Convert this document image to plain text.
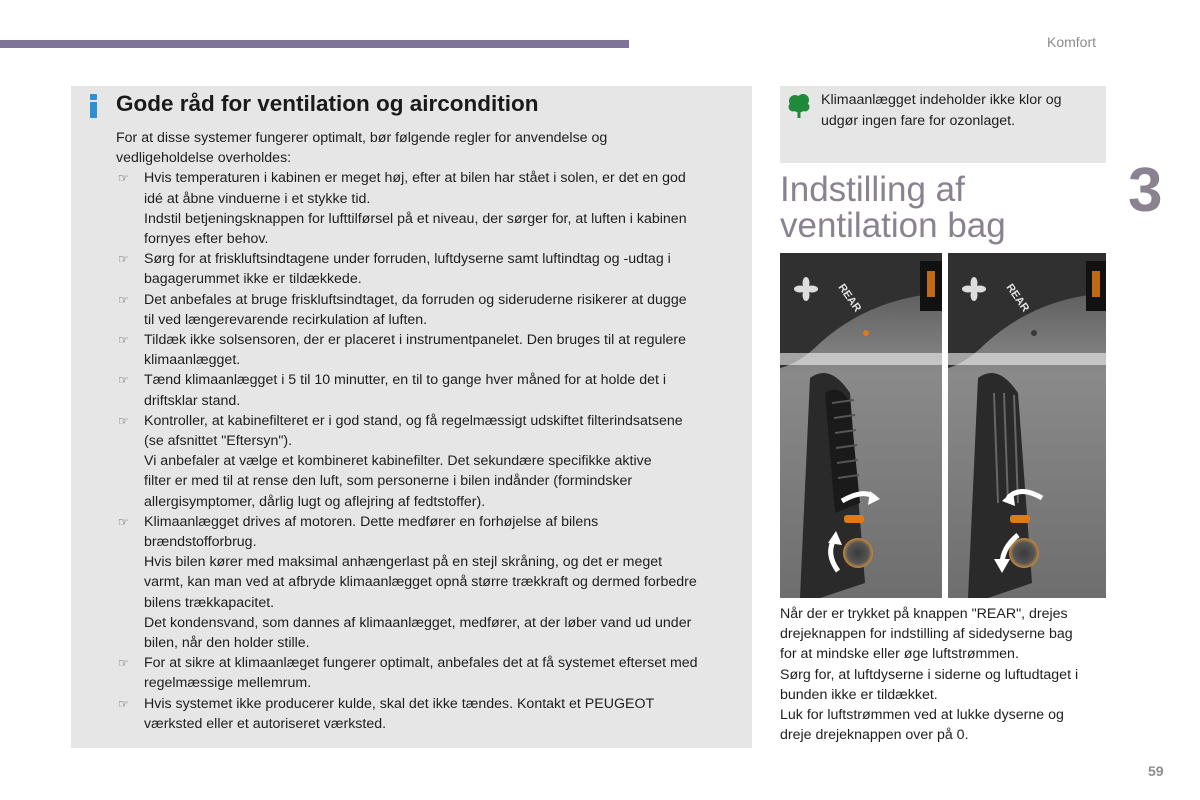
Komfort
3
Gode råd for ventilation og aircondition

For at disse systemer fungerer optimalt, bør følgende regler for anvendelse og
vedligeholdelse overholdes:

☞ Hvis temperaturen i kabinen er meget høj, efter at bilen har stået i solen, er det en god
idé at åbne vinduerne i et stykke tid.
Indstil betjeningsknappen for lufttilførsel på et niveau, der sørger for, at luften i kabinen
fornyes efter behov.
☞ Sørg for at friskluftsindtagene under forruden, luftdyserne samt luftindtag og -udtag i
bagagerummet ikke er tildækkede.
☞ Det anbefales at bruge friskluftsindtaget, da forruden og sideruderne risikerer at dugge
til ved længerevarende recirkulation af luften.
☞ Tildæk ikke solsensoren, der er placeret i instrumentpanelet. Den bruges til at regulere
klimaanlægget.
☞ Tænd klimaanlægget i 5 til 10 minutter, en til to gange hver måned for at holde det i
driftsklar stand.
☞ Kontroller, at kabinefilteret er i god stand, og få regelmæssigt udskiftet filterindsatsene
(se afsnittet "Eftersyn").
Vi anbefaler at vælge et kombineret kabinefilter. Det sekundære specifikke aktive
filter er med til at rense den luft, som personerne i bilen indånder (formindsker
allergisymptomer, dårlig lugt og aflejring af fedtstoffer).
☞ Klimaanlægget drives af motoren. Dette medfører en forhøjelse af bilens
brændstofforbrug.
Hvis bilen kører med maksimal anhængerlast på en stejl skråning, og det er meget
varmt, kan man ved at afbryde klimaanlægget opnå større trækkraft og dermed forbedre
bilens trækkapacitet.
Det kondensvand, som dannes af klimaanlægget, medfører, at der løber vand ud under
bilen, når den holder stille.
☞ For at sikre at klimaanlæget fungerer optimalt, anbefales det at få systemet efterset med
regelmæssige mellemrum.
☞ Hvis systemet ikke producerer kulde, skal det ikke tændes. Kontakt et PEUGEOT
værksted eller et autoriseret værksted.
Klimaanlægget indeholder ikke klor og
udgør ingen fare for ozonlaget.
Indstilling af
ventilation bag
REAR	REAR
Når der er trykket på knappen "REAR", drejes
drejeknappen for indstilling af sidedyserne bag
for at mindske eller øge luftstrømmen.
Sørg for, at luftdyserne i siderne og luftudtaget i
bunden ikke er tildækket.
Luk for luftstrømmen ved at lukke dyserne og
dreje drejeknappen over på 0.
59
